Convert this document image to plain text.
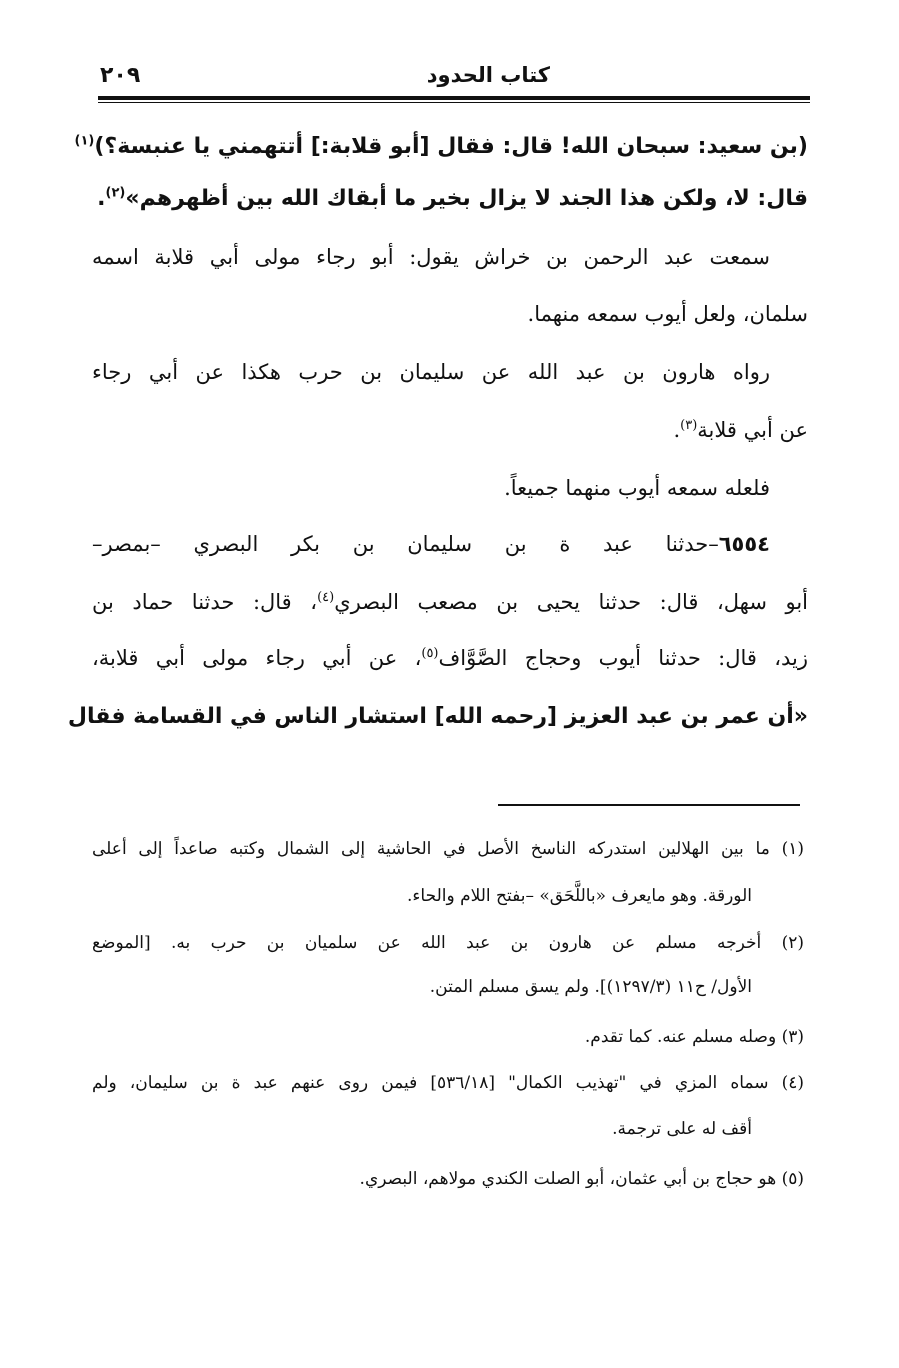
كتاب الحدود
٢٠٩
(بن سعيد: سبحان الله! قال: فقال [أبو قلابة:] أتتهمني يا عنبسة؟)$^{(١)}$
قال: لا، ولكن هذا الجند لا يزال بخير ما أبقاك الله بين أظهرهم»$^{(٢)}$.
سمعت عبد الرحمن بن خراش يقول: أبو رجاء مولى أبي قلابة اسمه
سلمان، ولعل أيوب سمعه منهما.
رواه هارون بن عبد الله عن سليمان بن حرب هكذا عن أبي رجاء
عن أبي قلابة$^{(٣)}$.
فلعله سمعه أيوب منهما جميعاً.
٦٥٥٤–حدثنا عبد ة بن سليمان بن بكر البصري –بمصر–
أبو سهل، قال: حدثنا يحيى بن مصعب البصري$^{(٤)}$، قال: حدثنا حماد بن
زيد، قال: حدثنا أيوب وحجاج الصَّوَّاف$^{(٥)}$، عن أبي رجاء مولى أبي قلابة،
«أن عمر بن عبد العزيز [رحمه الله] استشار الناس في القسامة فقال
(١) ما بين الهلالين استدركه الناسخ الأصل في الحاشية إلى الشمال وكتبه صاعداً إلى أعلى
الورقة. وهو مايعرف «باللَّحَق» –بفتح اللام والحاء.
(٢) أخرجه مسلم عن هارون بن عبد الله عن سلميان بن حرب به. [الموضع
الأول/ ح١١ (١٢٩٧/٣)]. ولم يسق مسلم المتن.
(٣) وصله مسلم عنه. كما تقدم.
(٤) سماه المزي في "تهذيب الكمال" [٥٣٦/١٨] فيمن روى عنهم عبد ة بن سليمان، ولم
أقف له على ترجمة.
(٥) هو حجاج بن أبي عثمان، أبو الصلت الكندي مولاهم، البصري.
